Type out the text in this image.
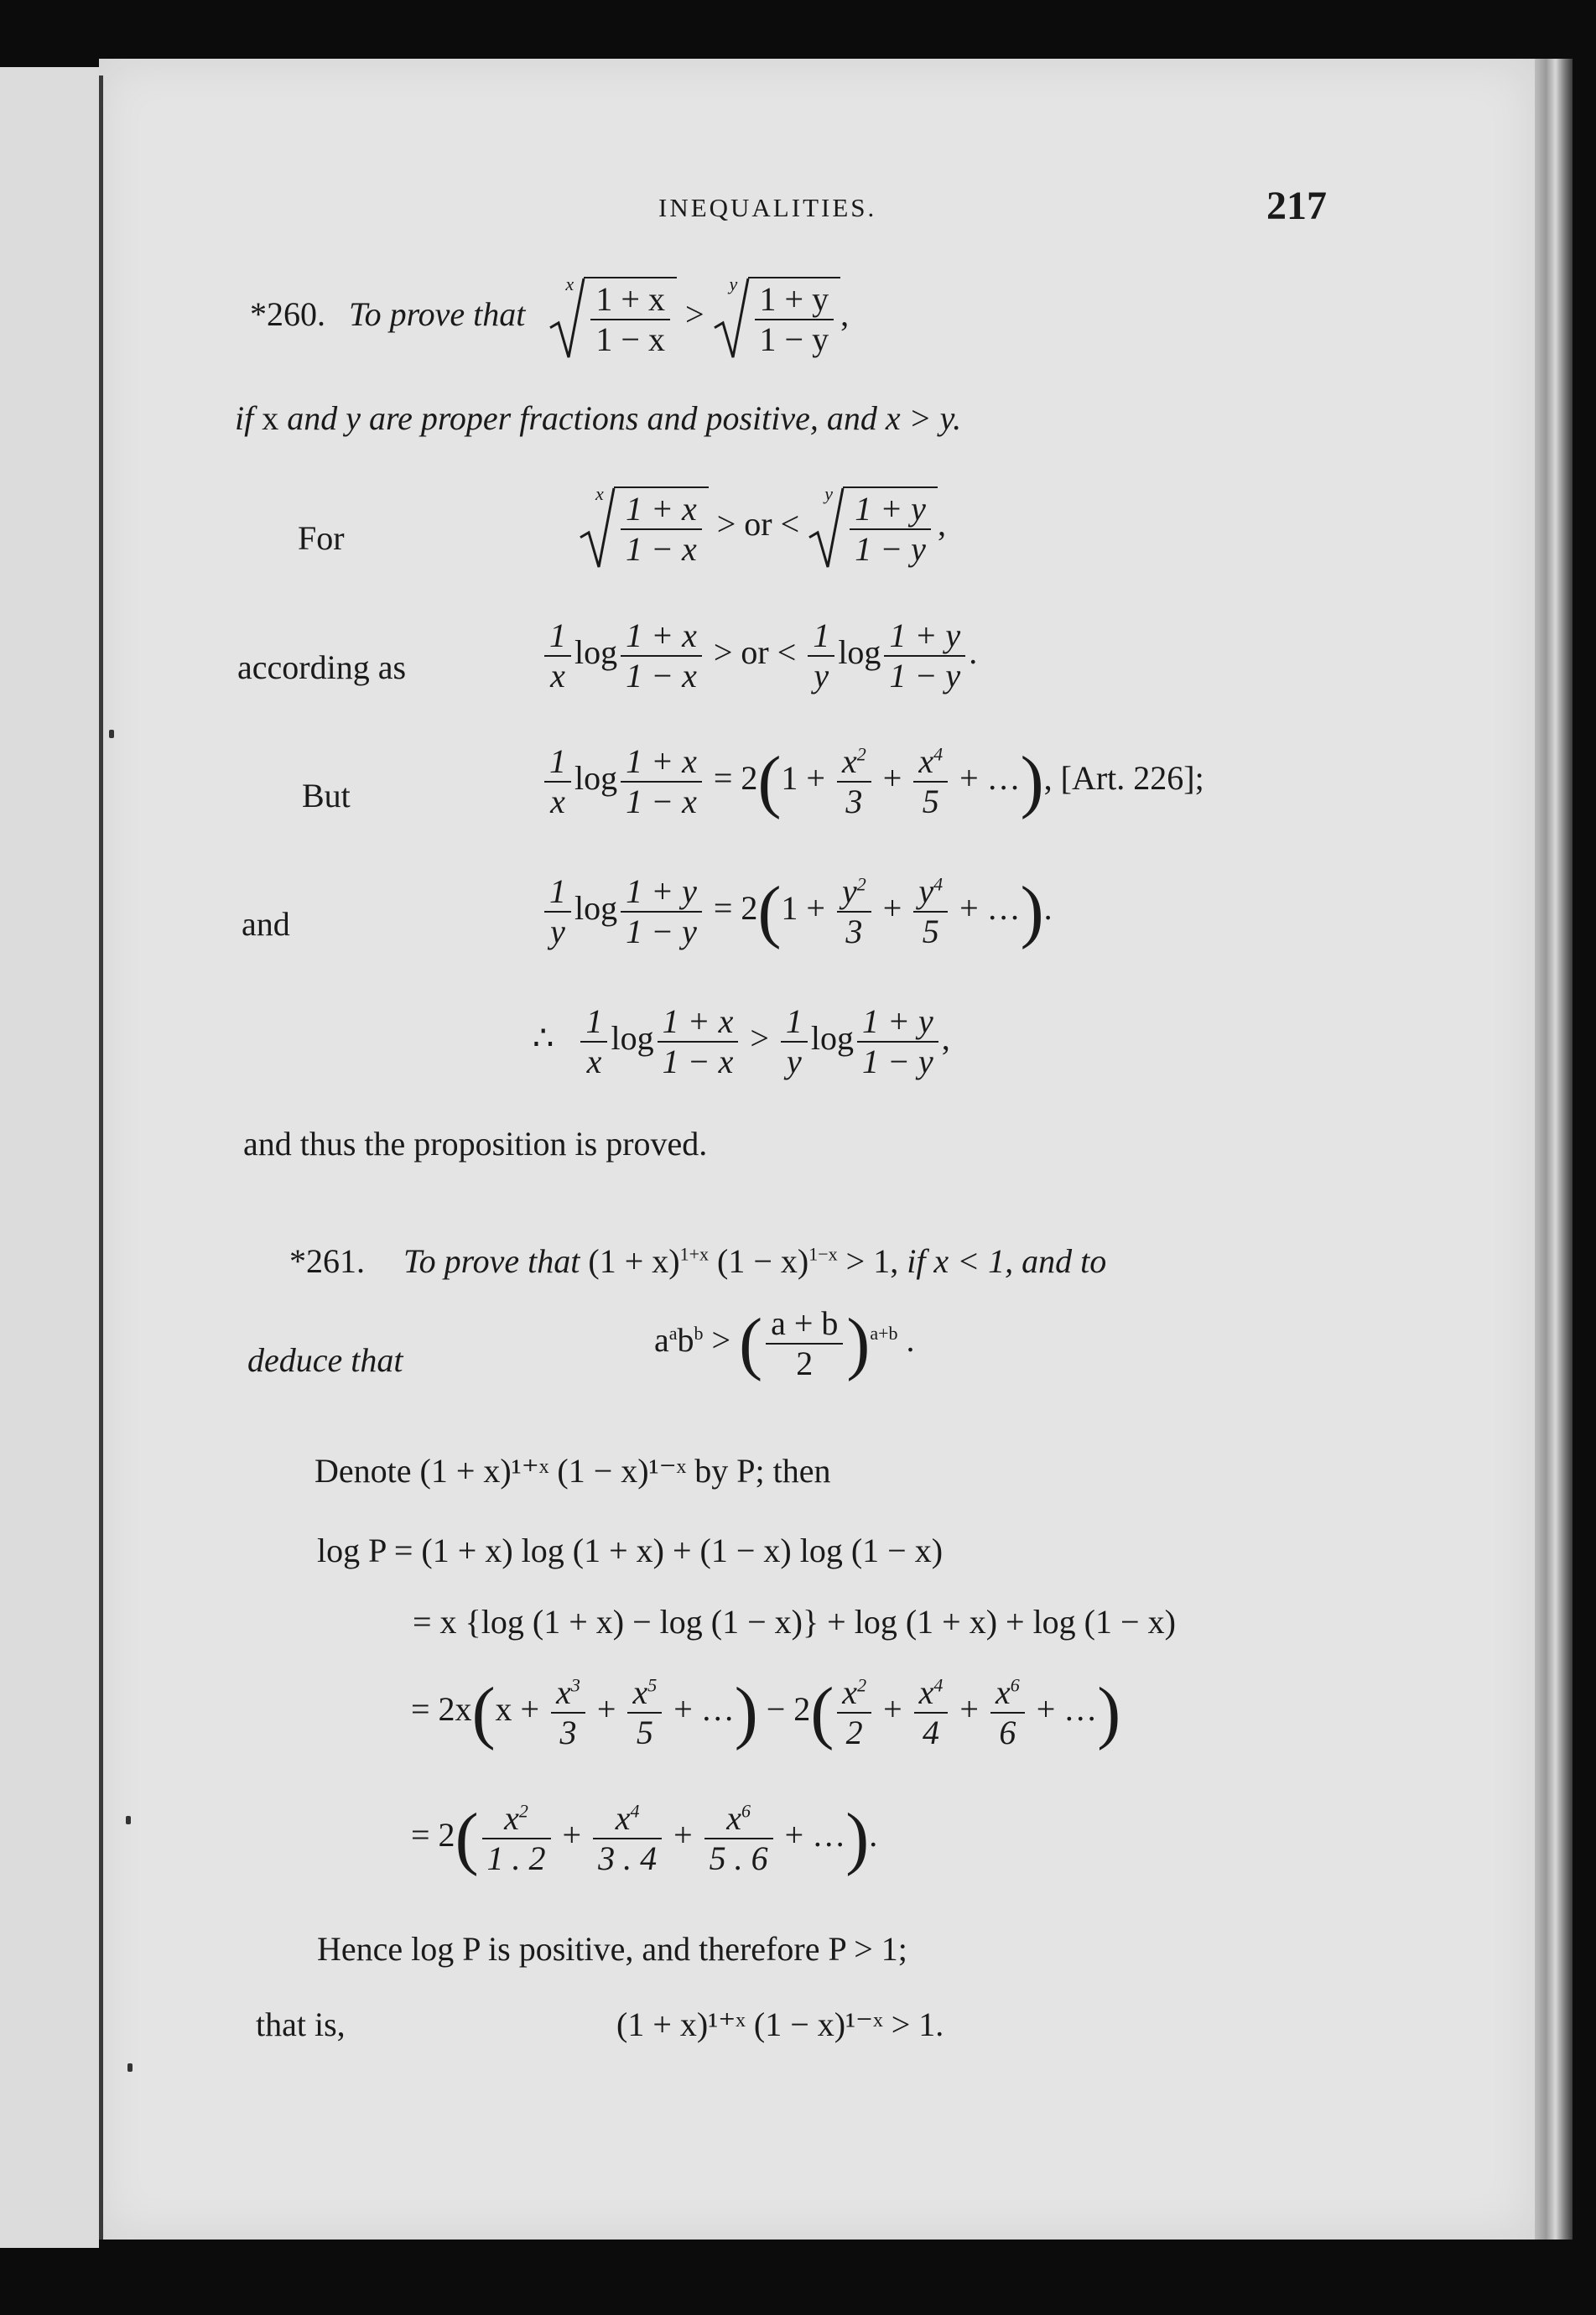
INEQUALITIES.	217
*260. To prove that
x $\frac{1 + x}{1 - x}$ >
y $\frac{1 + y}{1 - y}$ ,
if x and y are proper fractions and positive, and x > y.
For
x $\frac{1 + x}{1 - x}$ > or <
y $\frac{1 + y}{1 - y}$ ,
according as	$\frac{1}{x}$ $\log \frac{1 + x}{1 - x}$ > or < $\frac{1}{y}$ $\log \frac{1 + y}{1 - y}$ .
But	$\frac{1}{x}$ $\log \frac{1 + x}{1 - x} = 2(1 + \frac{x^2}{3} + \frac{x^4}{5}$ + …), [Art. 226];
and	$\frac{1}{y}$ $\log \frac{1 + y}{1 - y} = 2(1 + \frac{y^2}{3} + \frac{y^4}{5}$ + …).
∴ $\frac{1}{x}$ $\log \frac{1 + x}{1 - x} > \frac{1}{y}$ $\log \frac{1 + y}{1 - y}$ ,
and thus the proposition is proved.
*261. To prove that $(1 + x)^{1+x}$ $(1 - x)^{1-x} > 1$, if x < 1, and to
deduce that
$a^ab^b$ > ( $\frac{a + b}{2} )^{a+b}$ .
Denote (1 + x)¹⁺ˣ (1 − x)¹⁻ˣ by P; then
log P = (1 + x) log (1 + x) + (1 − x) log (1 − x)
= x {log (1 + x) − log (1 − x)} + log (1 + x) + log (1 − x)
= $2x(x + \frac{x^3}{3} + \frac{x^5}{5}$ + …) − $2( \frac{x^2}{2} + \frac{x^4}{4} + \frac{x^6}{6}$ + …)
= $2( \frac{x^2}{1 . 2} + \frac{x^4}{3 . 4} + \frac{x^6}{5 . 6}$ + …).
Hence log P is positive, and therefore P > 1;
that is,	(1 + x)¹⁺ˣ (1 − x)¹⁻ˣ > 1.
